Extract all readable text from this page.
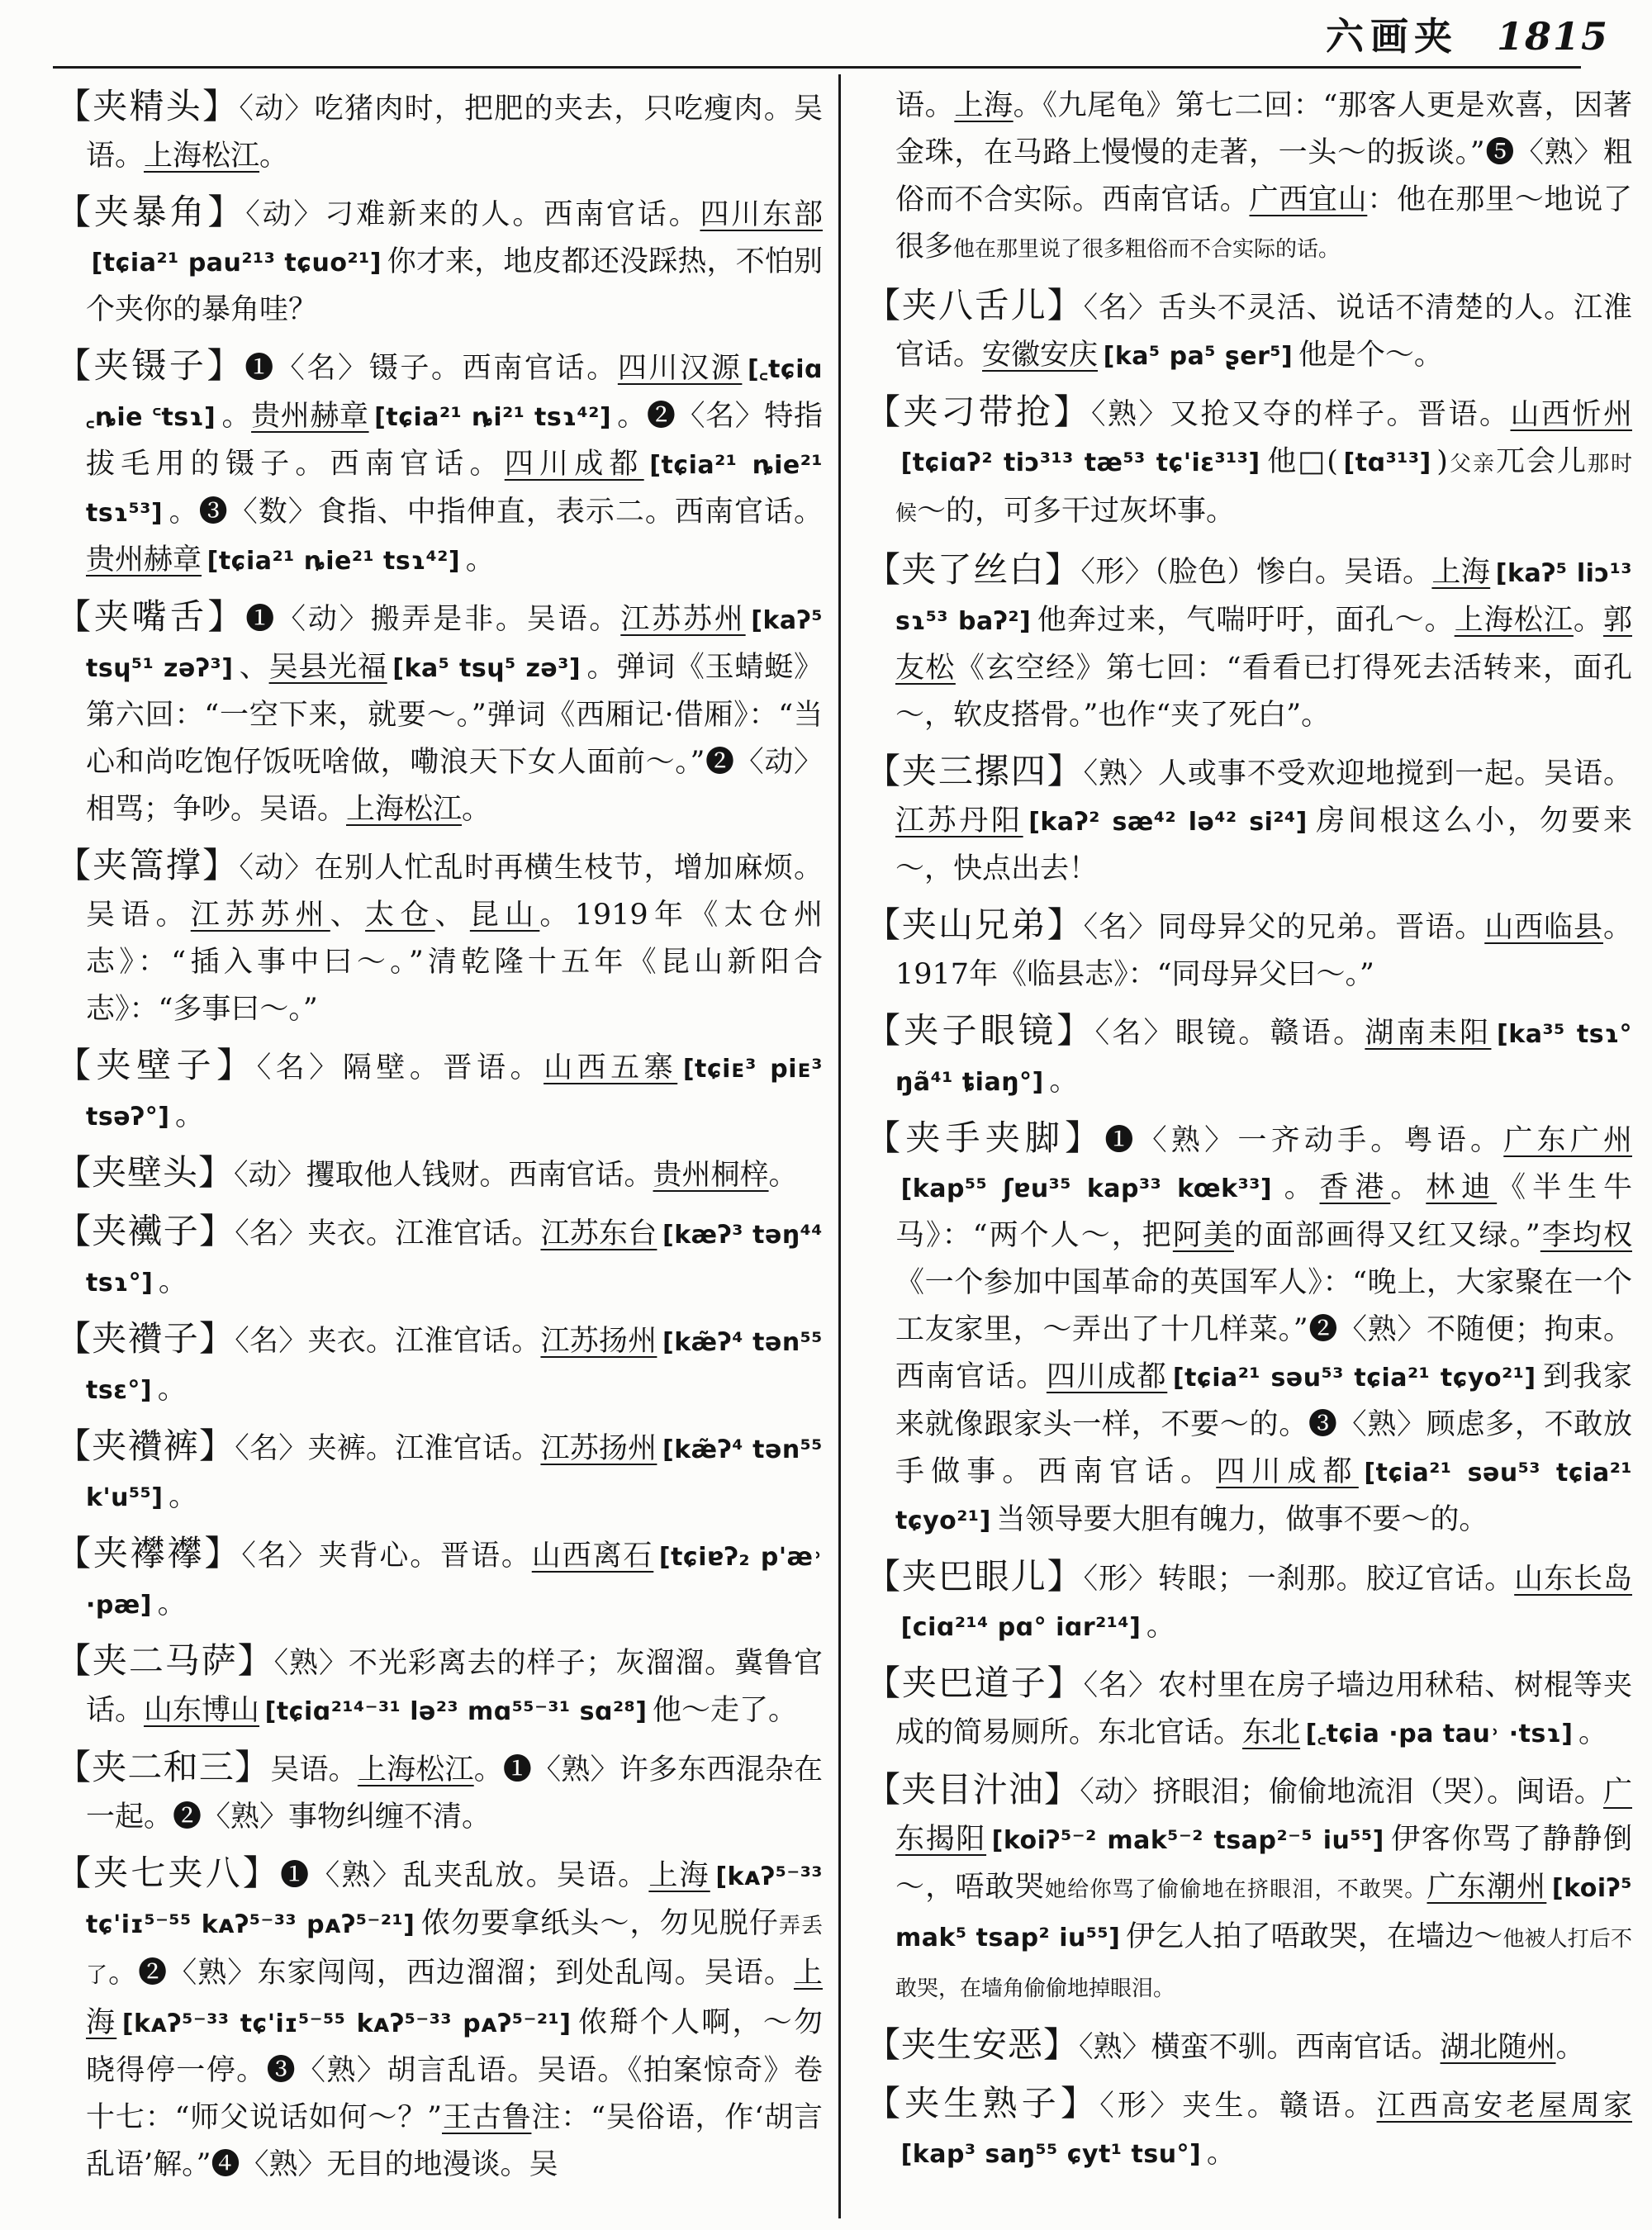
六画 夹 1815
【夹精头】〈动〉吃猪肉时，把肥的夹去，只吃瘦肉。吴语。上海松江。
【夹暴角】〈动〉刁难新来的人。西南官话。四川东部[tɕia²¹ pau²¹³ tɕuo²¹] 你才来，地皮都还没踩热，不怕别个夹你的暴角哇？
【夹镊子】❶〈名〉镊子。西南官话。四川汉源 [꜀tɕiɑ ꜀ȵie ꜂tsɿ] 。贵州赫章 [tɕia²¹ ȵi²¹ tsɿ⁴²] 。❷〈名〉特指拔毛用的镊子。西南官话。四川成都 [tɕia²¹ ȵie²¹ tsɿ⁵³] 。❸〈数〉食指、中指伸直，表示二。西南官话。贵州赫章 [tɕia²¹ ȵie²¹ tsɿ⁴²] 。
【夹嘴舌】❶〈动〉搬弄是非。吴语。江苏苏州 [kaʔ⁵ tsɥ⁵¹ zəʔ³] 、吴县光福 [ka⁵ tsɥ⁵ zə³] 。弹词《玉蜻蜓》第六回：“一空下来，就要～。”弹词《西厢记·借厢》：“当心和尚吃饱仔饭呒啥做，嘞浪天下女人面前～。”❷〈动〉相骂；争吵。吴语。上海松江。
【夹篙撑】〈动〉在别人忙乱时再横生枝节，增加麻烦。吴语。江苏苏州、太仓、昆山。1919年《太仓州志》：“插入事中曰～。”清乾隆十五年《昆山新阳合志》：“多事曰～。”
【夹壁子】〈名〉隔壁。晋语。山西五寨 [tɕiᴇ³ piᴇ³ tsəʔ°] 。
【夹壁头】〈动〉攫取他人钱财。西南官话。贵州桐梓。
【夹襶子】〈名〉夹衣。江淮官话。江苏东台 [kæʔ³ təŋ⁴⁴ tsɿ°] 。
【夹襸子】〈名〉夹衣。江淮官话。江苏扬州 [kæ̃ʔ⁴ tən⁵⁵ tsɛ°] 。
【夹襸裤】〈名〉夹裤。江淮官话。江苏扬州 [kæ̃ʔ⁴ tən⁵⁵ k'u⁵⁵] 。
【夹襻襻】〈名〉夹背心。晋语。山西离石 [tɕiɐʔ₂ p'æ˒ ·pæ] 。
【夹二马萨】〈熟〉不光彩离去的样子；灰溜溜。冀鲁官话。山东博山 [tɕiɑ²¹⁴⁻³¹ lə²³ mɑ⁵⁵⁻³¹ sɑ²⁸] 他～走了。
【夹二和三】吴语。上海松江。❶〈熟〉许多东西混杂在一起。❷〈熟〉事物纠缠不清。
【夹七夹八】❶〈熟〉乱夹乱放。吴语。上海 [kᴀʔ⁵⁻³³ tɕ'iɪ⁵⁻⁵⁵ kᴀʔ⁵⁻³³ pᴀʔ⁵⁻²¹] 侬勿要拿纸头～，勿见脱仔弄丢了。❷〈熟〉东家闯闯，西边溜溜；到处乱闯。吴语。上海 [kᴀʔ⁵⁻³³ tɕ'iɪ⁵⁻⁵⁵ kᴀʔ⁵⁻³³ pᴀʔ⁵⁻²¹] 侬搿个人啊，～勿晓得停一停。❸〈熟〉胡言乱语。吴语。《拍案惊奇》卷十七：“师父说话如何～？”王古鲁注：“吴俗语，作‘胡言乱语’解。”❹〈熟〉无目的地漫谈。吴
语。上海。《九尾龟》第七二回：“那客人更是欢喜，因著金珠，在马路上慢慢的走著，一头～的扳谈。”❺〈熟〉粗俗而不合实际。西南官话。广西宜山：他在那里～地说了很多他在那里说了很多粗俗而不合实际的话。
【夹八舌儿】〈名〉舌头不灵活、说话不清楚的人。江淮官话。安徽安庆 [ka⁵ pa⁵ ʂer⁵] 他是个～。
【夹刁带抢】〈熟〉又抢又夺的样子。晋语。山西忻州[tɕiɑʔ² tiɔ³¹³ tæ⁵³ tɕ'iɛ³¹³] 他□( [tɑ³¹³] )父亲兀会儿那时候～的，可多干过灰坏事。
【夹了丝白】〈形〉（脸色）惨白。吴语。上海 [kaʔ⁵ liɔ¹³ sɿ⁵³ baʔ²] 他奔过来，气喘吁吁，面孔～。上海松江。郭友松《玄空经》第七回：“看看已打得死去活转来，面孔～，软皮搭骨。”也作“夹了死白”。
【夹三摞四】〈熟〉人或事不受欢迎地搅到一起。吴语。江苏丹阳 [kaʔ² sæ⁴² lə⁴² si²⁴] 房间根这么小，勿要来～，快点出去！
【夹山兄弟】〈名〉同母异父的兄弟。晋语。山西临县。1917年《临县志》：“同母异父曰～。”
【夹子眼镜】〈名〉眼镜。赣语。湖南耒阳 [ka³⁵ tsɿ° ŋã⁴¹ ȶiaŋ°] 。
【夹手夹脚】❶〈熟〉一齐动手。粤语。广东广州[kap⁵⁵ ʃɐu³⁵ kap³³ kœk³³] 。香港。林迪《半生牛马》：“两个人～，把阿美的面部画得又红又绿。”李均权《一个参加中国革命的英国军人》：“晚上，大家聚在一个工友家里，～弄出了十几样菜。”❷〈熟〉不随便；拘束。西南官话。四川成都 [tɕia²¹ səu⁵³ tɕia²¹ tɕyo²¹] 到我家来就像跟家头一样，不要～的。❸〈熟〉顾虑多，不敢放手做事。西南官话。四川成都 [tɕia²¹ səu⁵³ tɕia²¹ tɕyo²¹] 当领导要大胆有魄力，做事不要～的。
【夹巴眼儿】〈形〉转眼；一刹那。胶辽官话。山东长岛[ciɑ²¹⁴ pɑ° iɑr²¹⁴] 。
【夹巴道子】〈名〉农村里在房子墙边用秫秸、树棍等夹成的简易厕所。东北官话。东北 [꜀tɕia ·pa tau˒ ·tsɿ] 。
【夹目汁油】〈动〉挤眼泪；偷偷地流泪（哭）。闽语。广东揭阳 [koiʔ⁵⁻² mak⁵⁻² tsap²⁻⁵ iu⁵⁵] 伊客你骂了静静倒～，唔敢哭她给你骂了偷偷地在挤眼泪，不敢哭。广东潮州 [koiʔ⁵ mak⁵ tsap² iu⁵⁵] 伊乞人拍了唔敢哭，在墙边～他被人打后不敢哭，在墙角偷偷地掉眼泪。
【夹生安恶】〈熟〉横蛮不驯。西南官话。湖北随州。
【夹生熟子】〈形〉夹生。赣语。江西高安老屋周家[kap³ saŋ⁵⁵ ɕyt¹ tsu°] 。
